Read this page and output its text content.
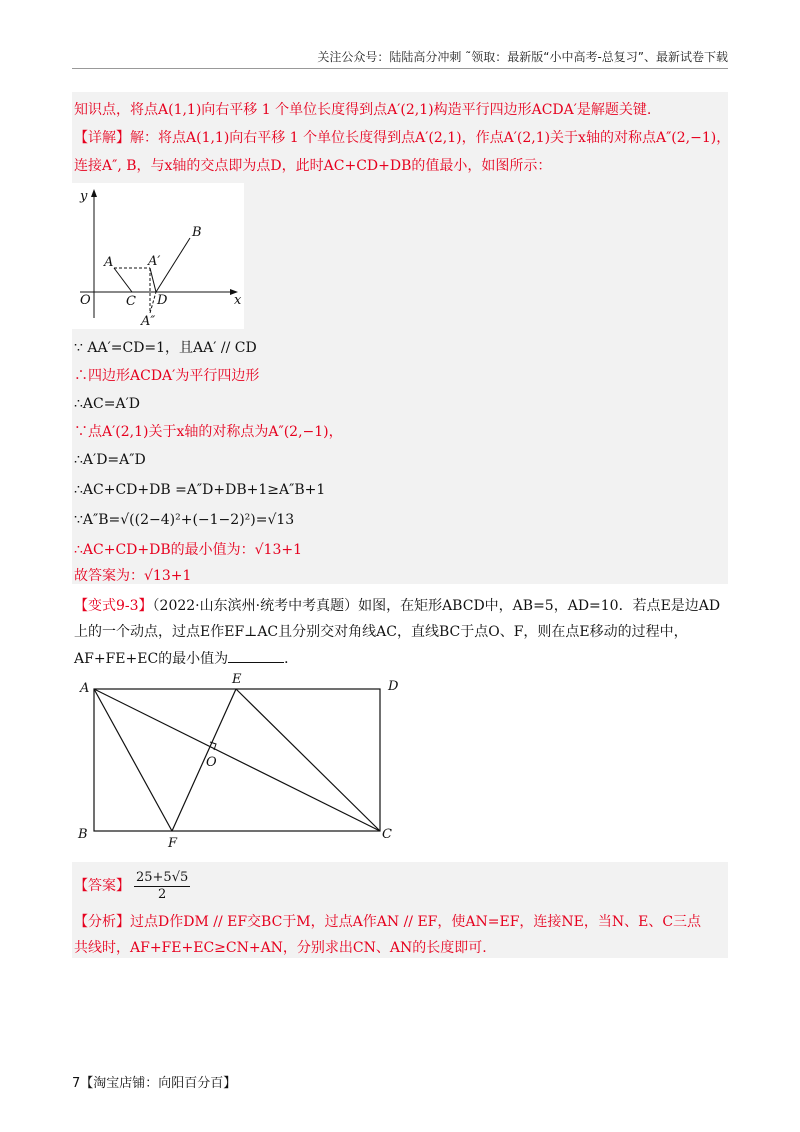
关注公众号：陆陆高分冲刺 ˜领取：最新版“小中高考-总复习”、最新试卷下载
知识点，将点A(1,1)向右平移 1 个单位长度得到点A′(2,1)构造平行四边形ACDA′是解题关键.
【详解】解：将点A(1,1)向右平移 1 个单位长度得到点A′(2,1)，作点A′(2,1)关于x轴的对称点A″(2,−1)，
连接A″, B，与x轴的交点即为点D，此时AC+CD+DB的值最小，如图所示：
y
x
O
A
B
C D
A′
A″
∵ AA′=CD=1，且AA′ // CD
∴四边形ACDA′为平行四边形
∴AC=A′D
∵点A′(2,1)关于x轴的对称点为A″(2,−1)，
∴A′D=A″D
∴AC+CD+DB =A″D+DB+1≥A″B+1
∵A″B=√((2−4)²+(−1−2)²)=√13
∴AC+CD+DB的最小值为：√13+1
故答案为：√13+1
【变式9-3】（2022·山东滨州·统考中考真题）如图，在矩形ABCD中，AB=5，AD=10．若点E是边AD
上的一个动点，过点E作EF⊥AC且分别交对角线AC，直线BC于点O、F，则在点E移动的过程中，
AF+FE+EC的最小值为	．
A
B	C
D
E
F
O
【答案】 $\frac{25+5√5}{2}$
【分析】过点D作DM // EF交BC于M，过点A作AN // EF，使AN=EF，连接NE，当N、E、C三点
共线时，AF+FE+EC≥CN+AN，分别求出CN、AN的长度即可.
7【淘宝店铺：向阳百分百】
